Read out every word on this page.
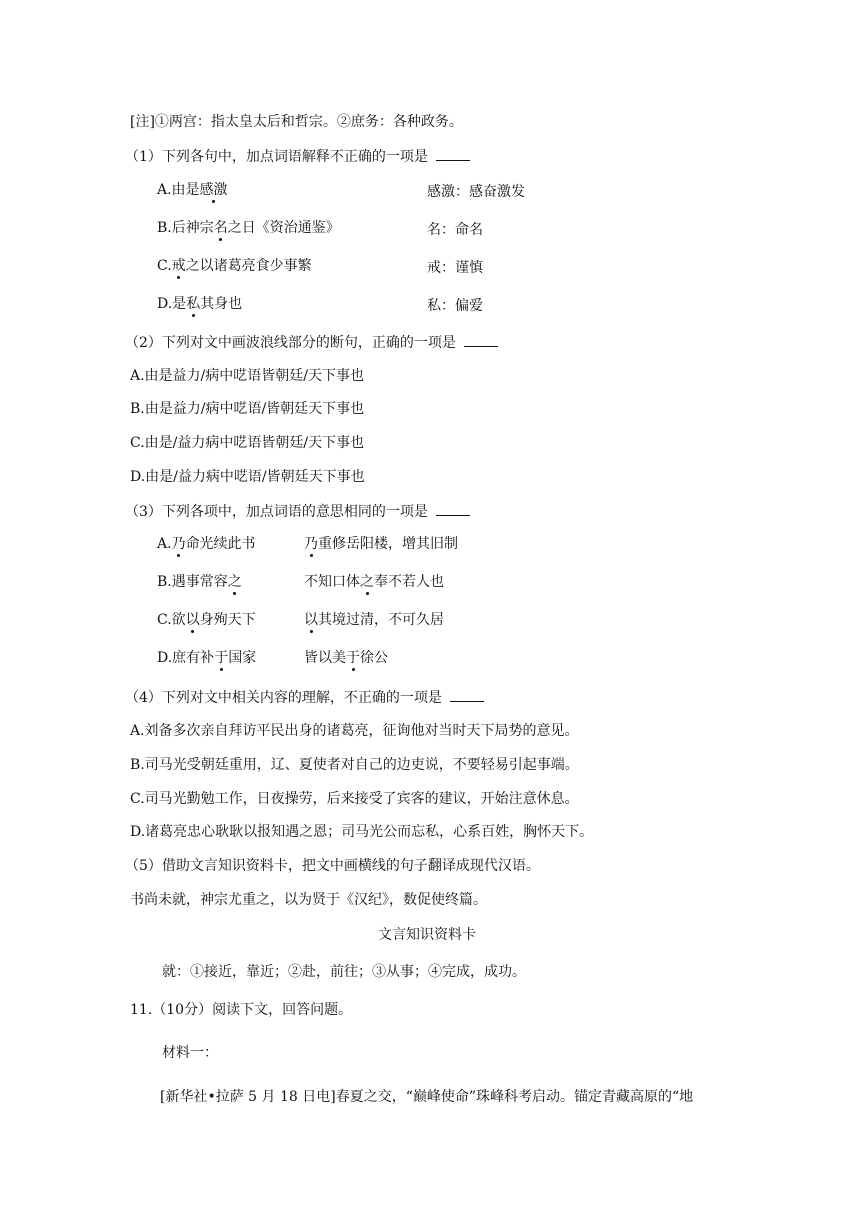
[注]①两宫：指太皇太后和哲宗。②庶务：各种政务。
（1）下列各句中，加点词语解释不正确的一项是
A.由是感激	感激：感奋激发
B.后神宗名之日《资治通鉴》	名：命名
C.戒之以诸葛亮食少事繁	戒：谨慎
D.是私其身也	私：偏爱
（2）下列对文中画波浪线部分的断句，正确的一项是
A.由是益力/病中呓语皆朝廷/天下事也
B.由是益力/病中呓语/皆朝廷天下事也
C.由是/益力病中呓语皆朝廷/天下事也
D.由是/益力病中呓语/皆朝廷天下事也
（3）下列各项中，加点词语的意思相同的一项是
A.乃命光续此书	乃重修岳阳楼，增其旧制
B.遇事常容之	不知口体之奉不若人也
C.欲以身殉天下	以其境过清，不可久居
D.庶有补于国家	皆以美于徐公
（4）下列对文中相关内容的理解，不正确的一项是
A.刘备多次亲自拜访平民出身的诸葛亮，征询他对当时天下局势的意见。
B.司马光受朝廷重用，辽、夏使者对自己的边吏说，不要轻易引起事端。
C.司马光勤勉工作，日夜操劳，后来接受了宾客的建议，开始注意休息。
D.诸葛亮忠心耿耿以报知遇之恩；司马光公而忘私，心系百姓，胸怀天下。
（5）借助文言知识资料卡，把文中画横线的句子翻译成现代汉语。
书尚未就，神宗尤重之，以为贤于《汉纪》，数促使终篇。
文言知识资料卡
就：①接近，靠近；②赴，前往；③从事；④完成，成功。
11.（10分）阅读下文，回答问题。
材料一：
[新华社•拉萨 5 月 18 日电]春夏之交，“巅峰使命”珠峰科考启动。锚定青藏高原的“地
